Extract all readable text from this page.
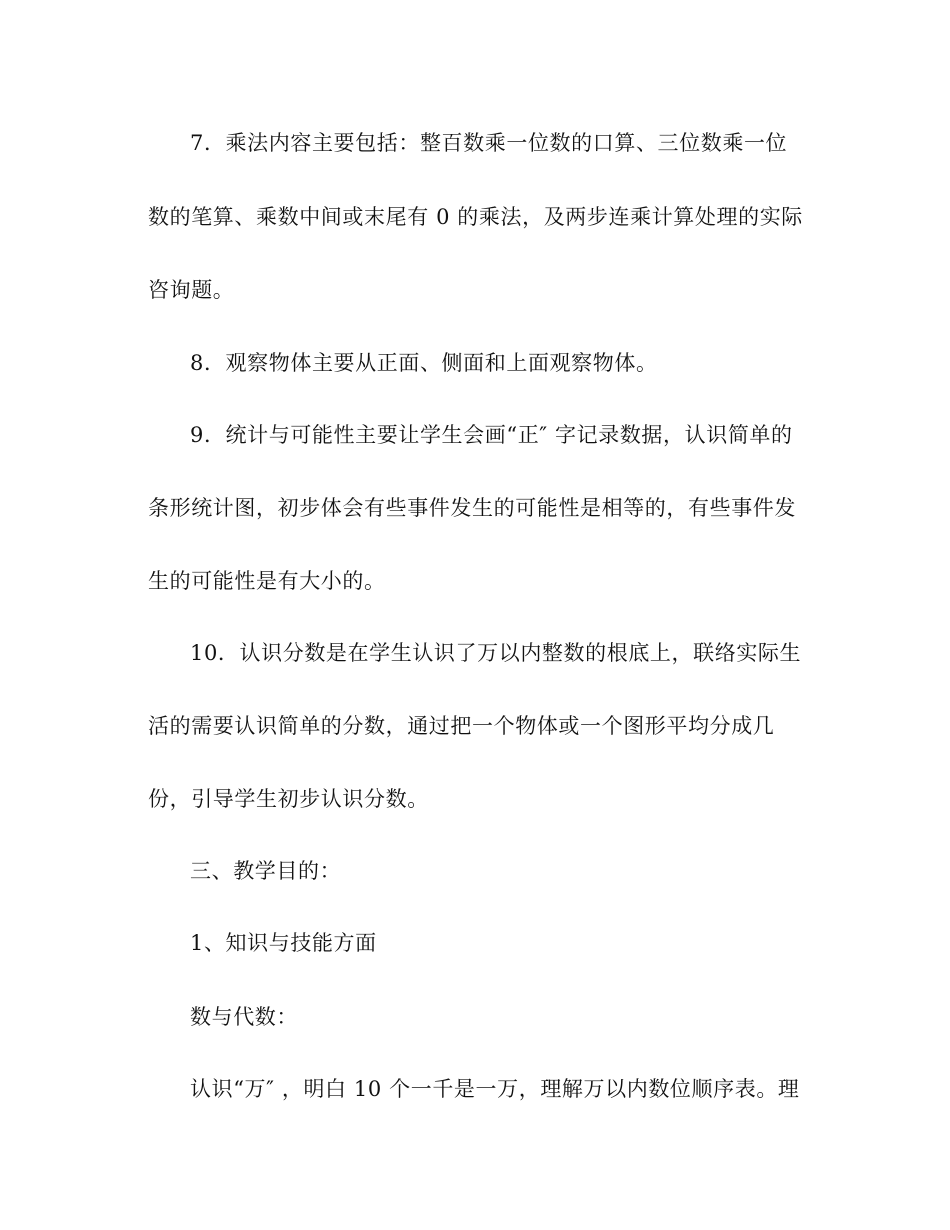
7．乘法内容主要包括：整百数乘一位数的口算、三位数乘一位
数的笔算、乘数中间或末尾有 0 的乘法，及两步连乘计算处理的实际
咨询题。
8．观察物体主要从正面、侧面和上面观察物体。
9．统计与可能性主要让学生会画“正″ 字记录数据，认识简单的
条形统计图，初步体会有些事件发生的可能性是相等的，有些事件发
生的可能性是有大小的。
10．认识分数是在学生认识了万以内整数的根底上，联络实际生
活的需要认识简单的分数，通过把一个物体或一个图形平均分成几
份，引导学生初步认识分数。
三、教学目的：
1、知识与技能方面
数与代数：
认识“万″ ，明白 10 个一千是一万，理解万以内数位顺序表。理
